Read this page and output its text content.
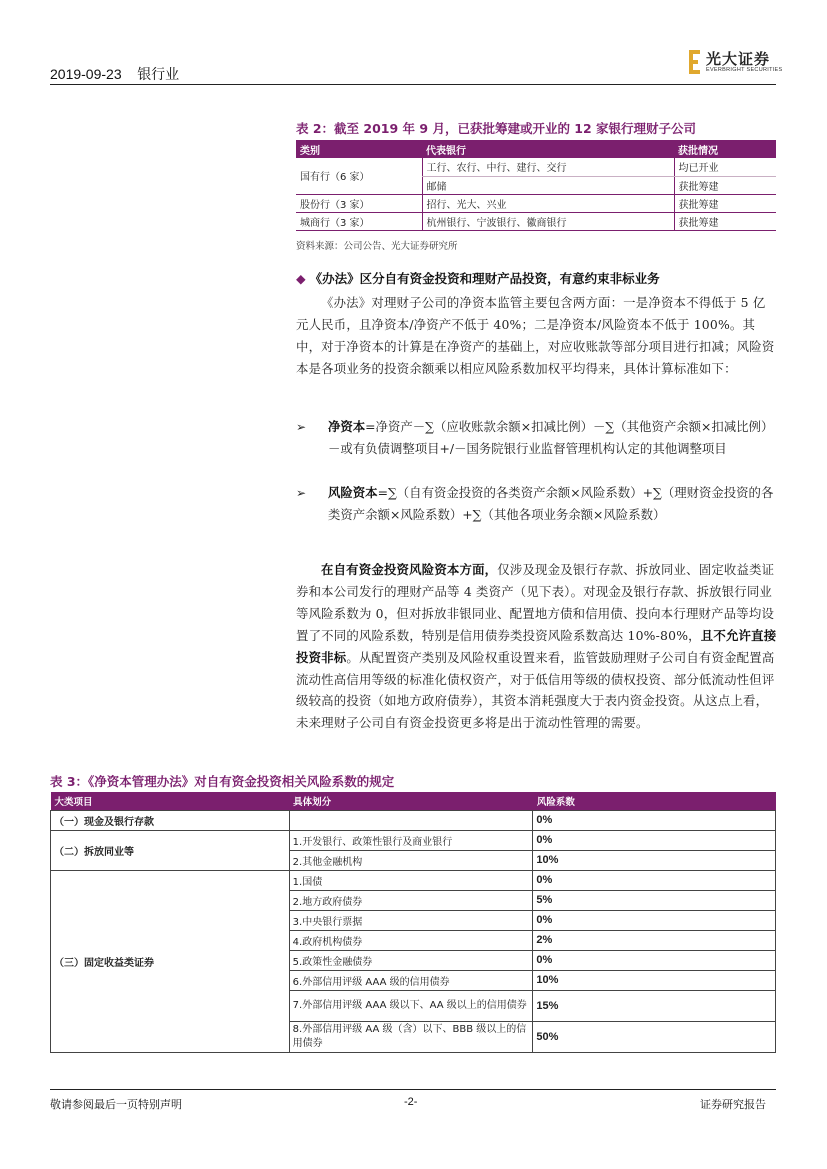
2019-09-23 银行业
光大证券
EVERBRIGHT SECURITIES
表 2：截至 2019 年 9 月，已获批筹建或开业的 12 家银行理财子公司
类别	代表银行	获批情况
国有行（6 家）	工行、农行、中行、建行、交行	均已开业
	邮储	获批筹建
股份行（3 家）	招行、光大、兴业	获批筹建
城商行（3 家）	杭州银行、宁波银行、徽商银行	获批筹建
资料来源：公司公告、光大证券研究所
◆ 《办法》区分自有资金投资和理财产品投资，有意约束非标业务
《办法》对理财子公司的净资本监管主要包含两方面：一是净资本不得低于 5 亿元人民币，且净资本/净资产不低于 40%；二是净资本/风险资本不低于 100%。其中，对于净资本的计算是在净资产的基础上，对应收账款等部分项目进行扣减；风险资本是各项业务的投资余额乘以相应风险系数加权平均得来，具体计算标准如下：
➢ 净资本=净资产－∑（应收账款余额×扣减比例）－∑（其他资产余额×扣减比例）－或有负债调整项目+/－国务院银行业监督管理机构认定的其他调整项目
➢ 风险资本=∑（自有资金投资的各类资产余额×风险系数）+∑（理财资金投资的各类资产余额×风险系数）+∑（其他各项业务余额×风险系数）
在自有资金投资风险资本方面，仅涉及现金及银行存款、拆放同业、固定收益类证券和本公司发行的理财产品等 4 类资产（见下表）。对现金及银行存款、拆放银行同业等风险系数为 0，但对拆放非银同业、配置地方债和信用债、投向本行理财产品等均设置了不同的风险系数，特别是信用债券类投资风险系数高达 10%-80%，且不允许直接投资非标。从配置资产类别及风险权重设置来看，监管鼓励理财子公司自有资金配置高流动性高信用等级的标准化债权资产，对于低信用等级的债权投资、部分低流动性但评级较高的投资（如地方政府债券），其资本消耗强度大于表内资金投资。从这点上看，未来理财子公司自有资金投资更多将是出于流动性管理的需要。
表 3：《净资本管理办法》对自有资金投资相关风险系数的规定
大类项目	具体划分	风险系数
（一）现金及银行存款		0%
（二）拆放同业等	1.开发银行、政策性银行及商业银行	0%
	2.其他金融机构	10%
（三）固定收益类证券	1.国债	0%
	2.地方政府债券	5%
	3.中央银行票据	0%
	4.政府机构债券	2%
	5.政策性金融债券	0%
	6.外部信用评级 AAA 级的信用债券	10%
	7.外部信用评级 AAA 级以下、AA 级以上的信用债券	15%
	8.外部信用评级 AA 级（含）以下、BBB 级以上的信用债券	50%
敬请参阅最后一页特别声明	-2-	证券研究报告
